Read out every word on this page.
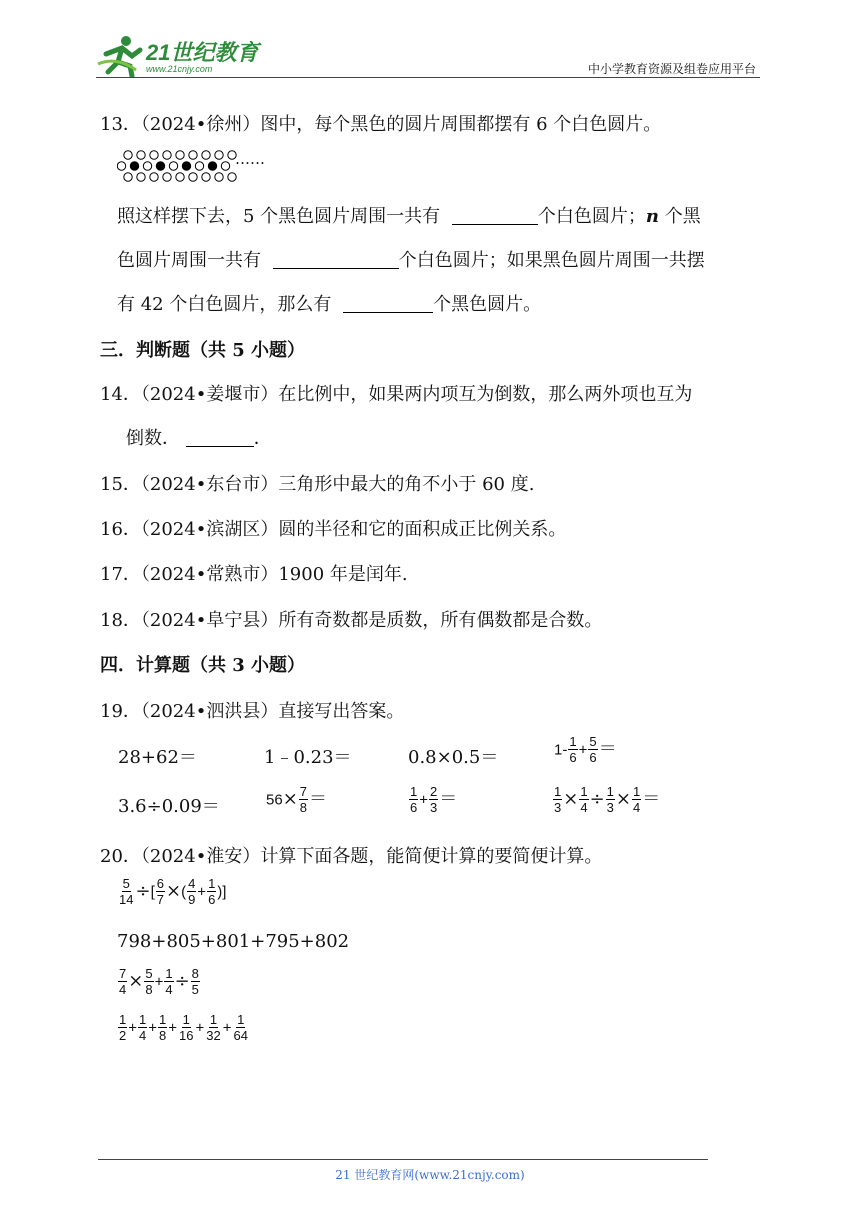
21世纪教育
www.21cnjy.com	中小学教育资源及组卷应用平台
13．（2024•徐州）图中，每个黑色的圆片周围都摆有 6 个白色圆片。
……
照这样摆下去，5 个黑色圆片周围一共有	个白色圆片；n 个黑
色圆片周围一共有	个白色圆片；如果黑色圆片周围一共摆
有 42 个白色圆片，那么有	个黑色圆片。
三．判断题（共 5 小题）
14．（2024•姜堰市）在比例中，如果两内项互为倒数，那么两外项也互为
倒数．	．
15．（2024•东台市）三角形中最大的角不小于 60 度.
16．（2024•滨湖区）圆的半径和它的面积成正比例关系。
17．（2024•常熟市）1900 年是闰年.
18．（2024•阜宁县）所有奇数都是质数，所有偶数都是合数。
四．计算题（共 3 小题）
19．（2024•泗洪县）直接写出答案。
28+62＝	1﹣0.23＝	0.8×0.5＝	$1- \frac{1}{6} + \frac{5}{6}$ ＝
3.6÷0.09＝	$56\times \frac{7}{8}$ ＝	$\frac{1}{6} + \frac{2}{3}$ ＝	$\frac{1}{3} \times \frac{1}{4} \div \frac{1}{3} \times \frac{1}{4}$ ＝
20．（2024•淮安）计算下面各题，能简便计算的要简便计算。
$\frac{5}{14}$ ÷[ $\frac{6}{7}$ ×( $\frac{4}{9} + \frac{1}{6}$ )]
798+805+801+795+802
$\frac{7}{4} \times \frac{5}{8} + \frac{1}{4} \div \frac{8}{5}$
$\frac{1}{2} + \frac{1}{4} + \frac{1}{8} + \frac{1}{16} + \frac{1}{32} + \frac{1}{64}$
21 世纪教育网(www.21cnjy.com)
